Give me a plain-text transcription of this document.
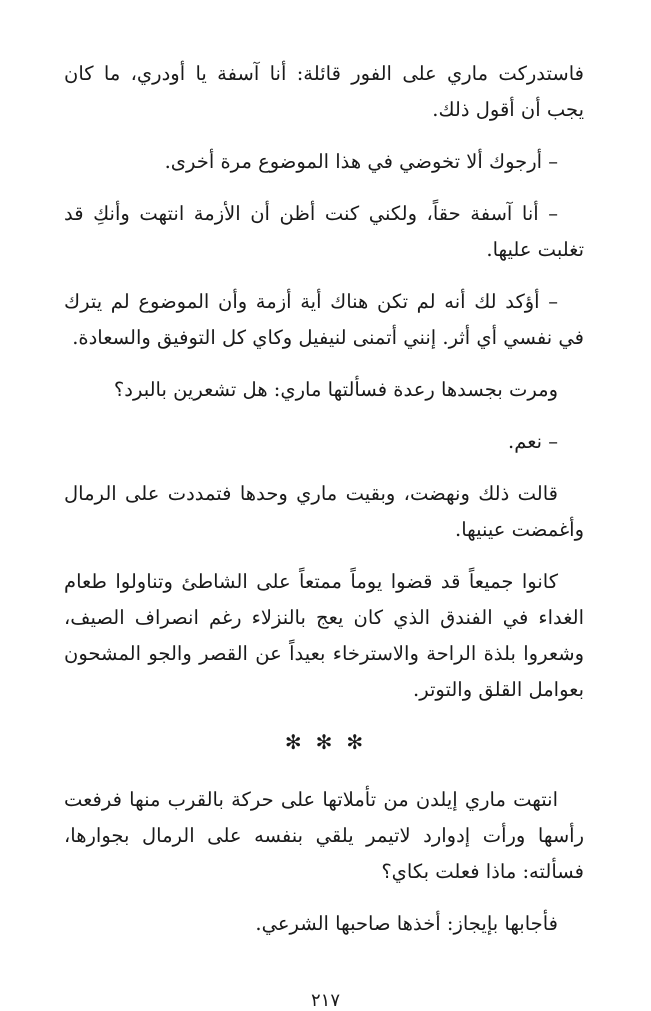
فاستدركت ماري على الفور قائلة: أنا آسفة يا أودري، ما كان يجب أن أقول ذلك.

– أرجوك ألا تخوضي في هذا الموضوع مرة أخرى.

– أنا آسفة حقاً، ولكني كنت أظن أن الأزمة انتهت وأنكِ قد تغلبت عليها.

– أؤكد لك أنه لم تكن هناك أية أزمة وأن الموضوع لم يترك في نفسي أي أثر. إنني أتمنى لنيفيل وكاي كل التوفيق والسعادة.

ومرت بجسدها رعدة فسألتها ماري: هل تشعرين بالبرد؟

– نعم.

قالت ذلك ونهضت، وبقيت ماري وحدها فتمددت على الرمال وأغمضت عينيها.

كانوا جميعاً قد قضوا يوماً ممتعاً على الشاطئ وتناولوا طعام الغداء في الفندق الذي كان يعج بالنزلاء رغم انصراف الصيف، وشعروا بلذة الراحة والاسترخاء بعيداً عن القصر والجو المشحون بعوامل القلق والتوتر.

✻✻✻

انتهت ماري إيلدن من تأملاتها على حركة بالقرب منها فرفعت رأسها ورأت إدوارد لاتيمر يلقي بنفسه على الرمال بجوارها، فسألته: ماذا فعلت بكاي؟

فأجابها بإيجاز: أخذها صاحبها الشرعي.

٢١٧
